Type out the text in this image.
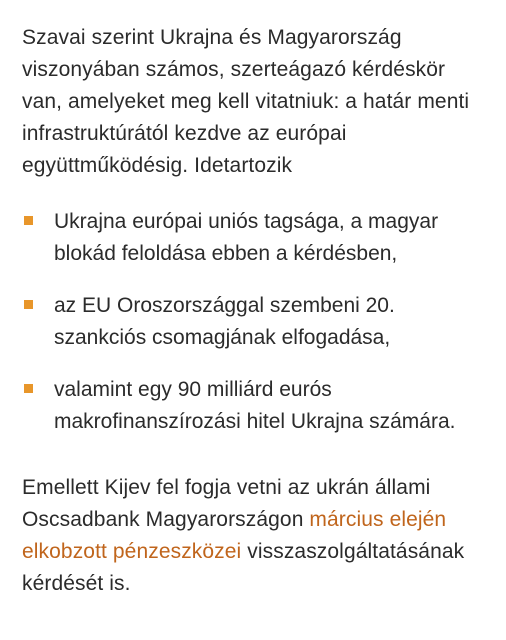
Szavai szerint Ukrajna és Magyarország viszonyában számos, szerteágazó kérdéskör van, amelyeket meg kell vitatniuk: a határ menti infrastruktúrától kezdve az európai együttműködésig. Idetartozik

Ukrajna európai uniós tagsága, a magyar blokád feloldása ebben a kérdésben,
az EU Oroszországgal szembeni 20. szankciós csomagjának elfogadása,
valamint egy 90 milliárd eurós makrofinanszírozási hitel Ukrajna számára.

Emellett Kijev fel fogja vetni az ukrán állami Oscsadbank Magyarországon március elején elkobzott pénzeszközei visszaszolgáltatásának kérdését is.
